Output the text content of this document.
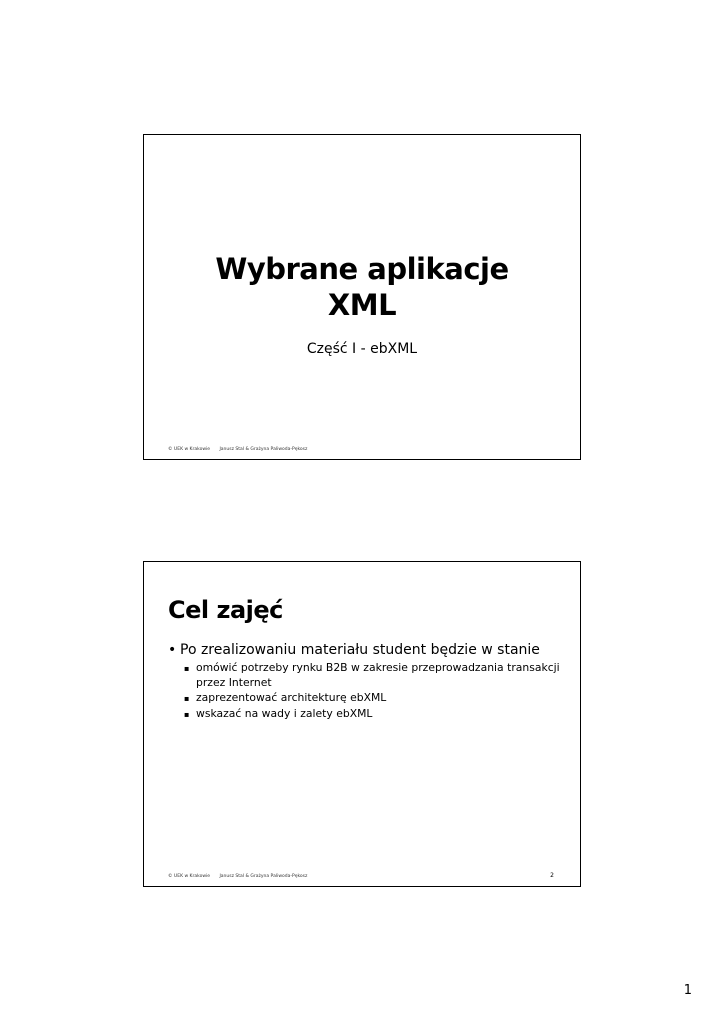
Wybrane aplikacje
XML
Część I - ebXML
© UEK w Krakowie Janusz Stal & Grażyna Paliwoda-Pękosz
Cel zajęć
• Po zrealizowaniu materiału student będzie w stanie
▪ omówić potrzeby rynku B2B w zakresie przeprowadzania transakcji przez Internet
▪ zaprezentować architekturę ebXML
▪ wskazać na wady i zalety ebXML
© UEK w Krakowie Janusz Stal & Grażyna Paliwoda-Pękosz	2
1
